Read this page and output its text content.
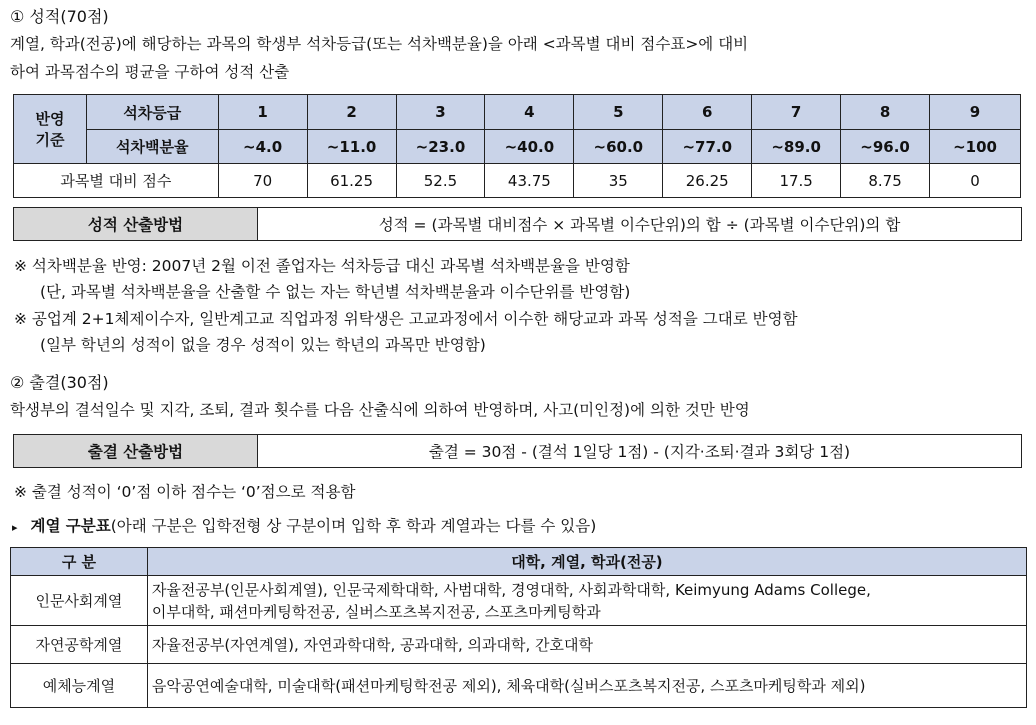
① 성적(70점)
계열, 학과(전공)에 해당하는 과목의 학생부 석차등급(또는 석차백분율)을 아래 <과목별 대비 점수표>에 대비
하여 과목점수의 평균을 구하여 성적 산출
반영
기준	석차등급	1	2	3	4	5	6	7	8	9
	석차백분율	~4.0	~11.0	~23.0	~40.0	~60.0	~77.0	~89.0	~96.0	~100
과목별 대비 점수		70	61.25	52.5	43.75	35	26.25	17.5	8.75	0
성적 산출방법	성적 = (과목별 대비점수 × 과목별 이수단위)의 합 ÷ (과목별 이수단위)의 합
※ 석차백분율 반영: 2007년 2월 이전 졸업자는 석차등급 대신 과목별 석차백분율을 반영함
(단, 과목별 석차백분율을 산출할 수 없는 자는 학년별 석차백분율과 이수단위를 반영함)
※ 공업계 2+1체제이수자, 일반계고교 직업과정 위탁생은 고교과정에서 이수한 해당교과 과목 성적을 그대로 반영함
(일부 학년의 성적이 없을 경우 성적이 있는 학년의 과목만 반영함)
② 출결(30점)
학생부의 결석일수 및 지각, 조퇴, 결과 횟수를 다음 산출식에 의하여 반영하며, 사고(미인정)에 의한 것만 반영
출결 산출방법	출결 = 30점 - (결석 1일당 1점) - (지각·조퇴·결과 3회당 1점)
※ 출결 성적이 ‘0’점 이하 점수는 ‘0’점으로 적용함
▸ 계열 구분표(아래 구분은 입학전형 상 구분이며 입학 후 학과 계열과는 다를 수 있음)
구 분	대학, 계열, 학과(전공)
인문사회계열	자율전공부(인문사회계열), 인문국제학대학, 사범대학, 경영대학, 사회과학대학, Keimyung Adams College,
이부대학, 패션마케팅학전공, 실버스포츠복지전공, 스포츠마케팅학과

자연공학계열	자율전공부(자연계열), 자연과학대학, 공과대학, 의과대학, 간호대학
예체능계열	음악공연예술대학, 미술대학(패션마케팅학전공 제외), 체육대학(실버스포츠복지전공, 스포츠마케팅학과 제외)
